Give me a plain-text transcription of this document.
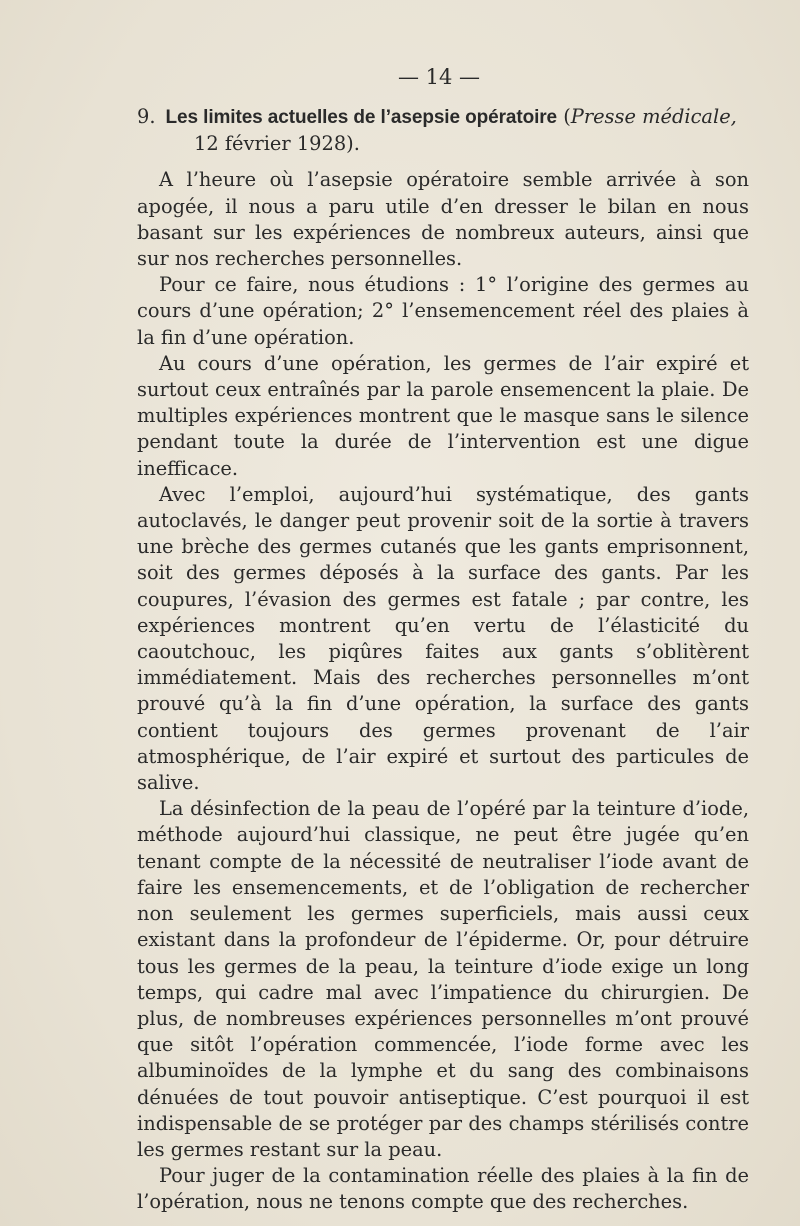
— 14 —

9. Les limites actuelles de l’asepsie opératoire (Presse médicale,

12 février 1928).

A l’heure où l’asepsie opératoire semble arrivée à son apogée, il nous a paru utile d’en dresser le bilan en nous basant sur les expériences de nombreux auteurs, ainsi que sur nos recherches personnelles.

Pour ce faire, nous étudions : 1° l’origine des germes au cours d’une opération; 2° l’ensemencement réel des plaies à la fin d’une opération.

Au cours d’une opération, les germes de l’air expiré et surtout ceux entraînés par la parole ensemencent la plaie. De multiples expériences montrent que le masque sans le silence pendant toute la durée de l’intervention est une digue inefficace.

Avec l’emploi, aujourd’hui systématique, des gants autoclavés, le danger peut provenir soit de la sortie à travers une brèche des germes cutanés que les gants emprisonnent, soit des germes déposés à la surface des gants. Par les coupures, l’évasion des germes est fatale ; par contre, les expériences montrent qu’en vertu de l’élasticité du caoutchouc, les piqûres faites aux gants s’oblitèrent immédiatement. Mais des recherches personnelles m’ont prouvé qu’à la fin d’une opération, la surface des gants contient toujours des germes provenant de l’air atmosphérique, de l’air expiré et surtout des particules de salive.

La désinfection de la peau de l’opéré par la teinture d’iode, méthode aujourd’hui classique, ne peut être jugée qu’en tenant compte de la nécessité de neutraliser l’iode avant de faire les ensemencements, et de l’obligation de rechercher non seulement les germes superficiels, mais aussi ceux existant dans la profondeur de l’épiderme. Or, pour détruire tous les germes de la peau, la teinture d’iode exige un long temps, qui cadre mal avec l’impatience du chirurgien. De plus, de nombreuses expériences personnelles m’ont prouvé que sitôt l’opération commencée, l’iode forme avec les albuminoïdes de la lymphe et du sang des combinaisons dénuées de tout pouvoir antiseptique. C’est pourquoi il est indispensable de se protéger par des champs stérilisés contre les germes restant sur la peau.

Pour juger de la contamination réelle des plaies à la fin de l’opération, nous ne tenons compte que des recherches.
